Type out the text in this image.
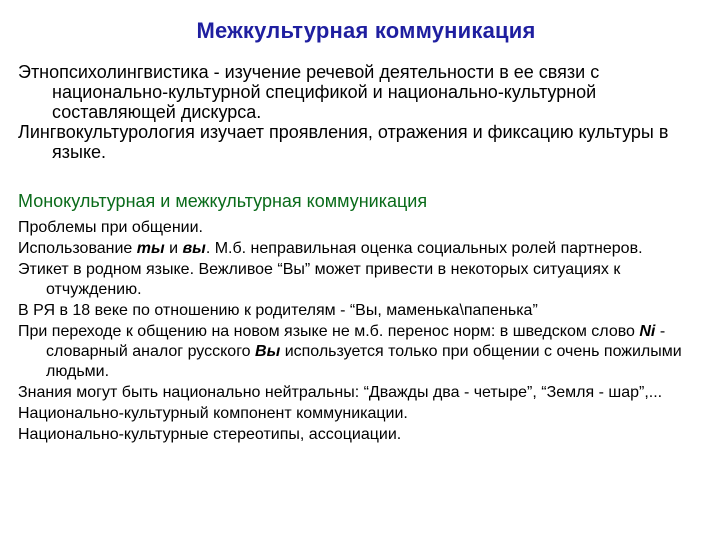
Межкультурная коммуникация

Этнопсихолингвистика - изучение речевой деятельности в ее связи с национально-культурной спецификой и национально-культурной составляющей дискурса.

Лингвокультурология изучает проявления, отражения и фиксацию культуры в языке.

Монокультурная и межкультурная коммуникация

Проблемы при общении.

Использование ты и вы. М.б. неправильная оценка социальных ролей партнеров.

Этикет в родном языке. Вежливое “Вы” может привести в некоторых ситуациях к отчуждению.

В РЯ в 18 веке по отношению к родителям - “Вы, маменька\папенька”

При переходе к общению на новом языке не м.б. перенос норм: в шведском слово Ni - словарный аналог русского Вы используется только при общении с очень пожилыми людьми.

Знания могут быть национально нейтральны: “Дважды два - четыре”, “Земля - шар”,...

Национально-культурный компонент коммуникации.

Национально-культурные стереотипы, ассоциации.
